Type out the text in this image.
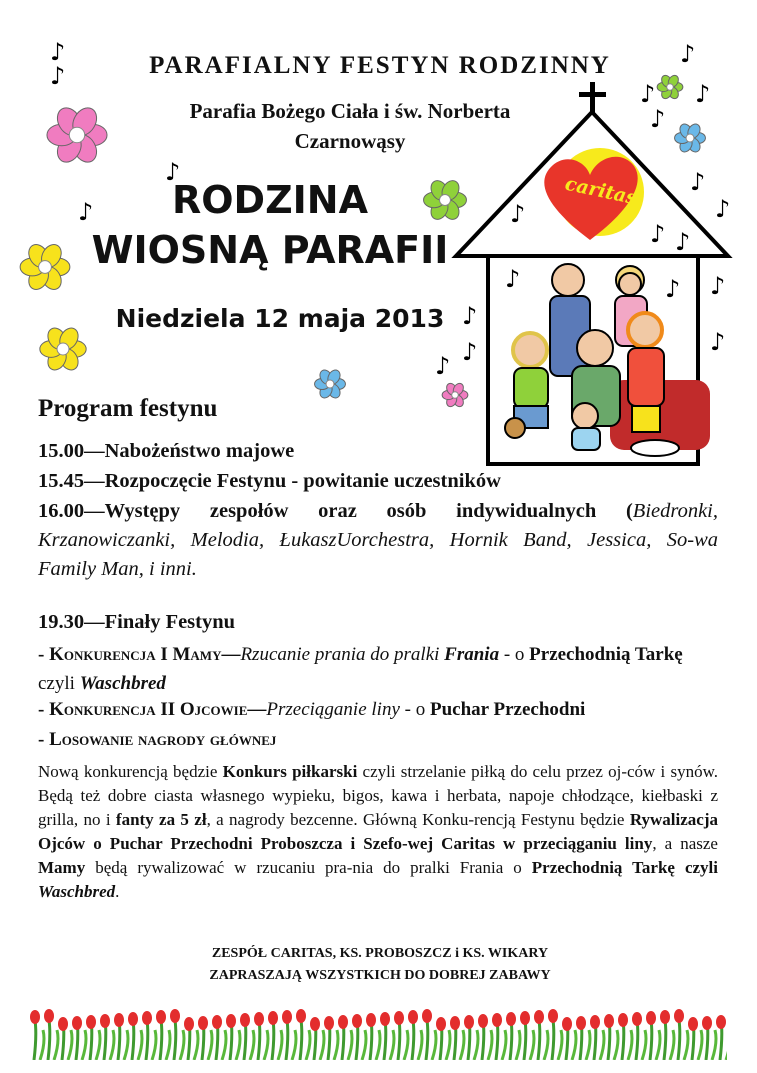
PARAFIALNY FESTYN RODZINNY
Parafia Bożego Ciała i św. Norberta
Czarnowąsy
RODZINA
WIOSNĄ PARAFII
Niedziela 12 maja 2013
caritas
Program festynu
15.00—Nabożeństwo majowe
15.45—Rozpoczęcie Festynu - powitanie uczestników
16.00—Występy zespołów oraz osób indywidualnych (Biedronki, Krzanowiczanki, Melodia, ŁukaszUorchestra, Hornik Band, Jessica, So-wa Family Man, i inni.
19.30—Finały Festynu
- Konkurencja I Mamy—Rzucanie prania do pralki Frania - o Przechodnią Tarkę czyli Waschbred
- Konkurencja II Ojcowie—Przeciąganie liny - o Puchar Przechodni
- Losowanie nagrody głównej
Nową konkurencją będzie Konkurs piłkarski czyli strzelanie piłką do celu przez oj-ców i synów. Będą też dobre ciasta własnego wypieku, bigos, kawa i herbata, napoje chłodzące, kiełbaski z grilla, no i fanty za 5 zł, a nagrody bezcenne. Główną Konku-rencją Festynu będzie Rywalizacja Ojców o Puchar Przechodni Proboszcza i Szefo-wej Caritas w przeciąganiu liny, a nasze Mamy będą rywalizować w rzucaniu pra-nia do pralki Frania o Przechodnią Tarkę czyli Waschbred.
ZESPÓŁ CARITAS, KS. PROBOSZCZ i KS. WIKARY
ZAPRASZAJĄ WSZYSTKICH DO DOBREJ ZABAWY
♪
♪
♪
♪ ♪
♪
♪
♪
♪
♪	♪
♪ ♪
♪	♪ ♪
♪
♪
♪
♪
